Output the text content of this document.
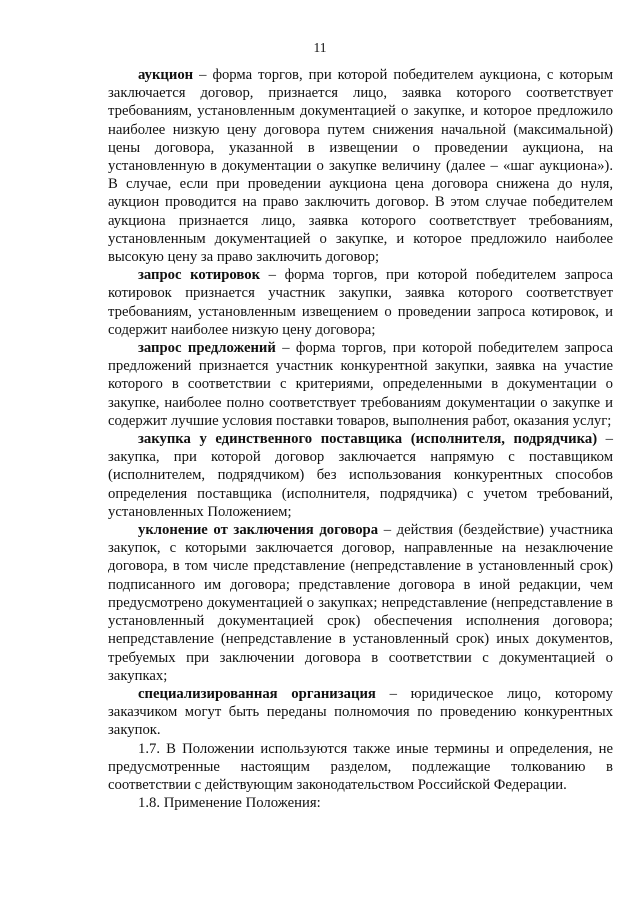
11

аукцион – форма торгов, при которой победителем аукциона, с которым заключается договор, признается лицо, заявка которого соответствует требованиям, установленным документацией о закупке, и которое предложило наиболее низкую цену договора путем снижения начальной (максимальной) цены договора, указанной в извещении о проведении аукциона, на установленную в документации о закупке величину (далее – «шаг аукциона»). В случае, если при проведении аукциона цена договора снижена до нуля, аукцион проводится на право заключить договор. В этом случае победителем аукциона признается лицо, заявка которого соответствует требованиям, установленным документацией о закупке, и которое предложило наиболее высокую цену за право заключить договор;

запрос котировок – форма торгов, при которой победителем запроса котировок признается участник закупки, заявка которого соответствует требованиям, установленным извещением о проведении запроса котировок, и содержит наиболее низкую цену договора;

запрос предложений – форма торгов, при которой победителем запроса предложений признается участник конкурентной закупки, заявка на участие которого в соответствии с критериями, определенными в документации о закупке, наиболее полно соответствует требованиям документации о закупке и содержит лучшие условия поставки товаров, выполнения работ, оказания услуг;

закупка у единственного поставщика (исполнителя, подрядчика) – закупка, при которой договор заключается напрямую с поставщиком (исполнителем, подрядчиком) без использования конкурентных способов определения поставщика (исполнителя, подрядчика) с учетом требований, установленных Положением;

уклонение от заключения договора – действия (бездействие) участника закупок, с которыми заключается договор, направленные на незаключение договора, в том числе представление (непредставление в установленный срок) подписанного им договора; представление договора в иной редакции, чем предусмотрено документацией о закупках; непредставление (непредставление в установленный документацией срок) обеспечения исполнения договора; непредставление (непредставление в установленный срок) иных документов, требуемых при заключении договора в соответствии с документацией о закупках;

специализированная организация – юридическое лицо, которому заказчиком могут быть переданы полномочия по проведению конкурентных закупок.

1.7. В Положении используются также иные термины и определения, не предусмотренные настоящим разделом, подлежащие толкованию в соответствии с действующим законодательством Российской Федерации.

1.8. Применение Положения:
